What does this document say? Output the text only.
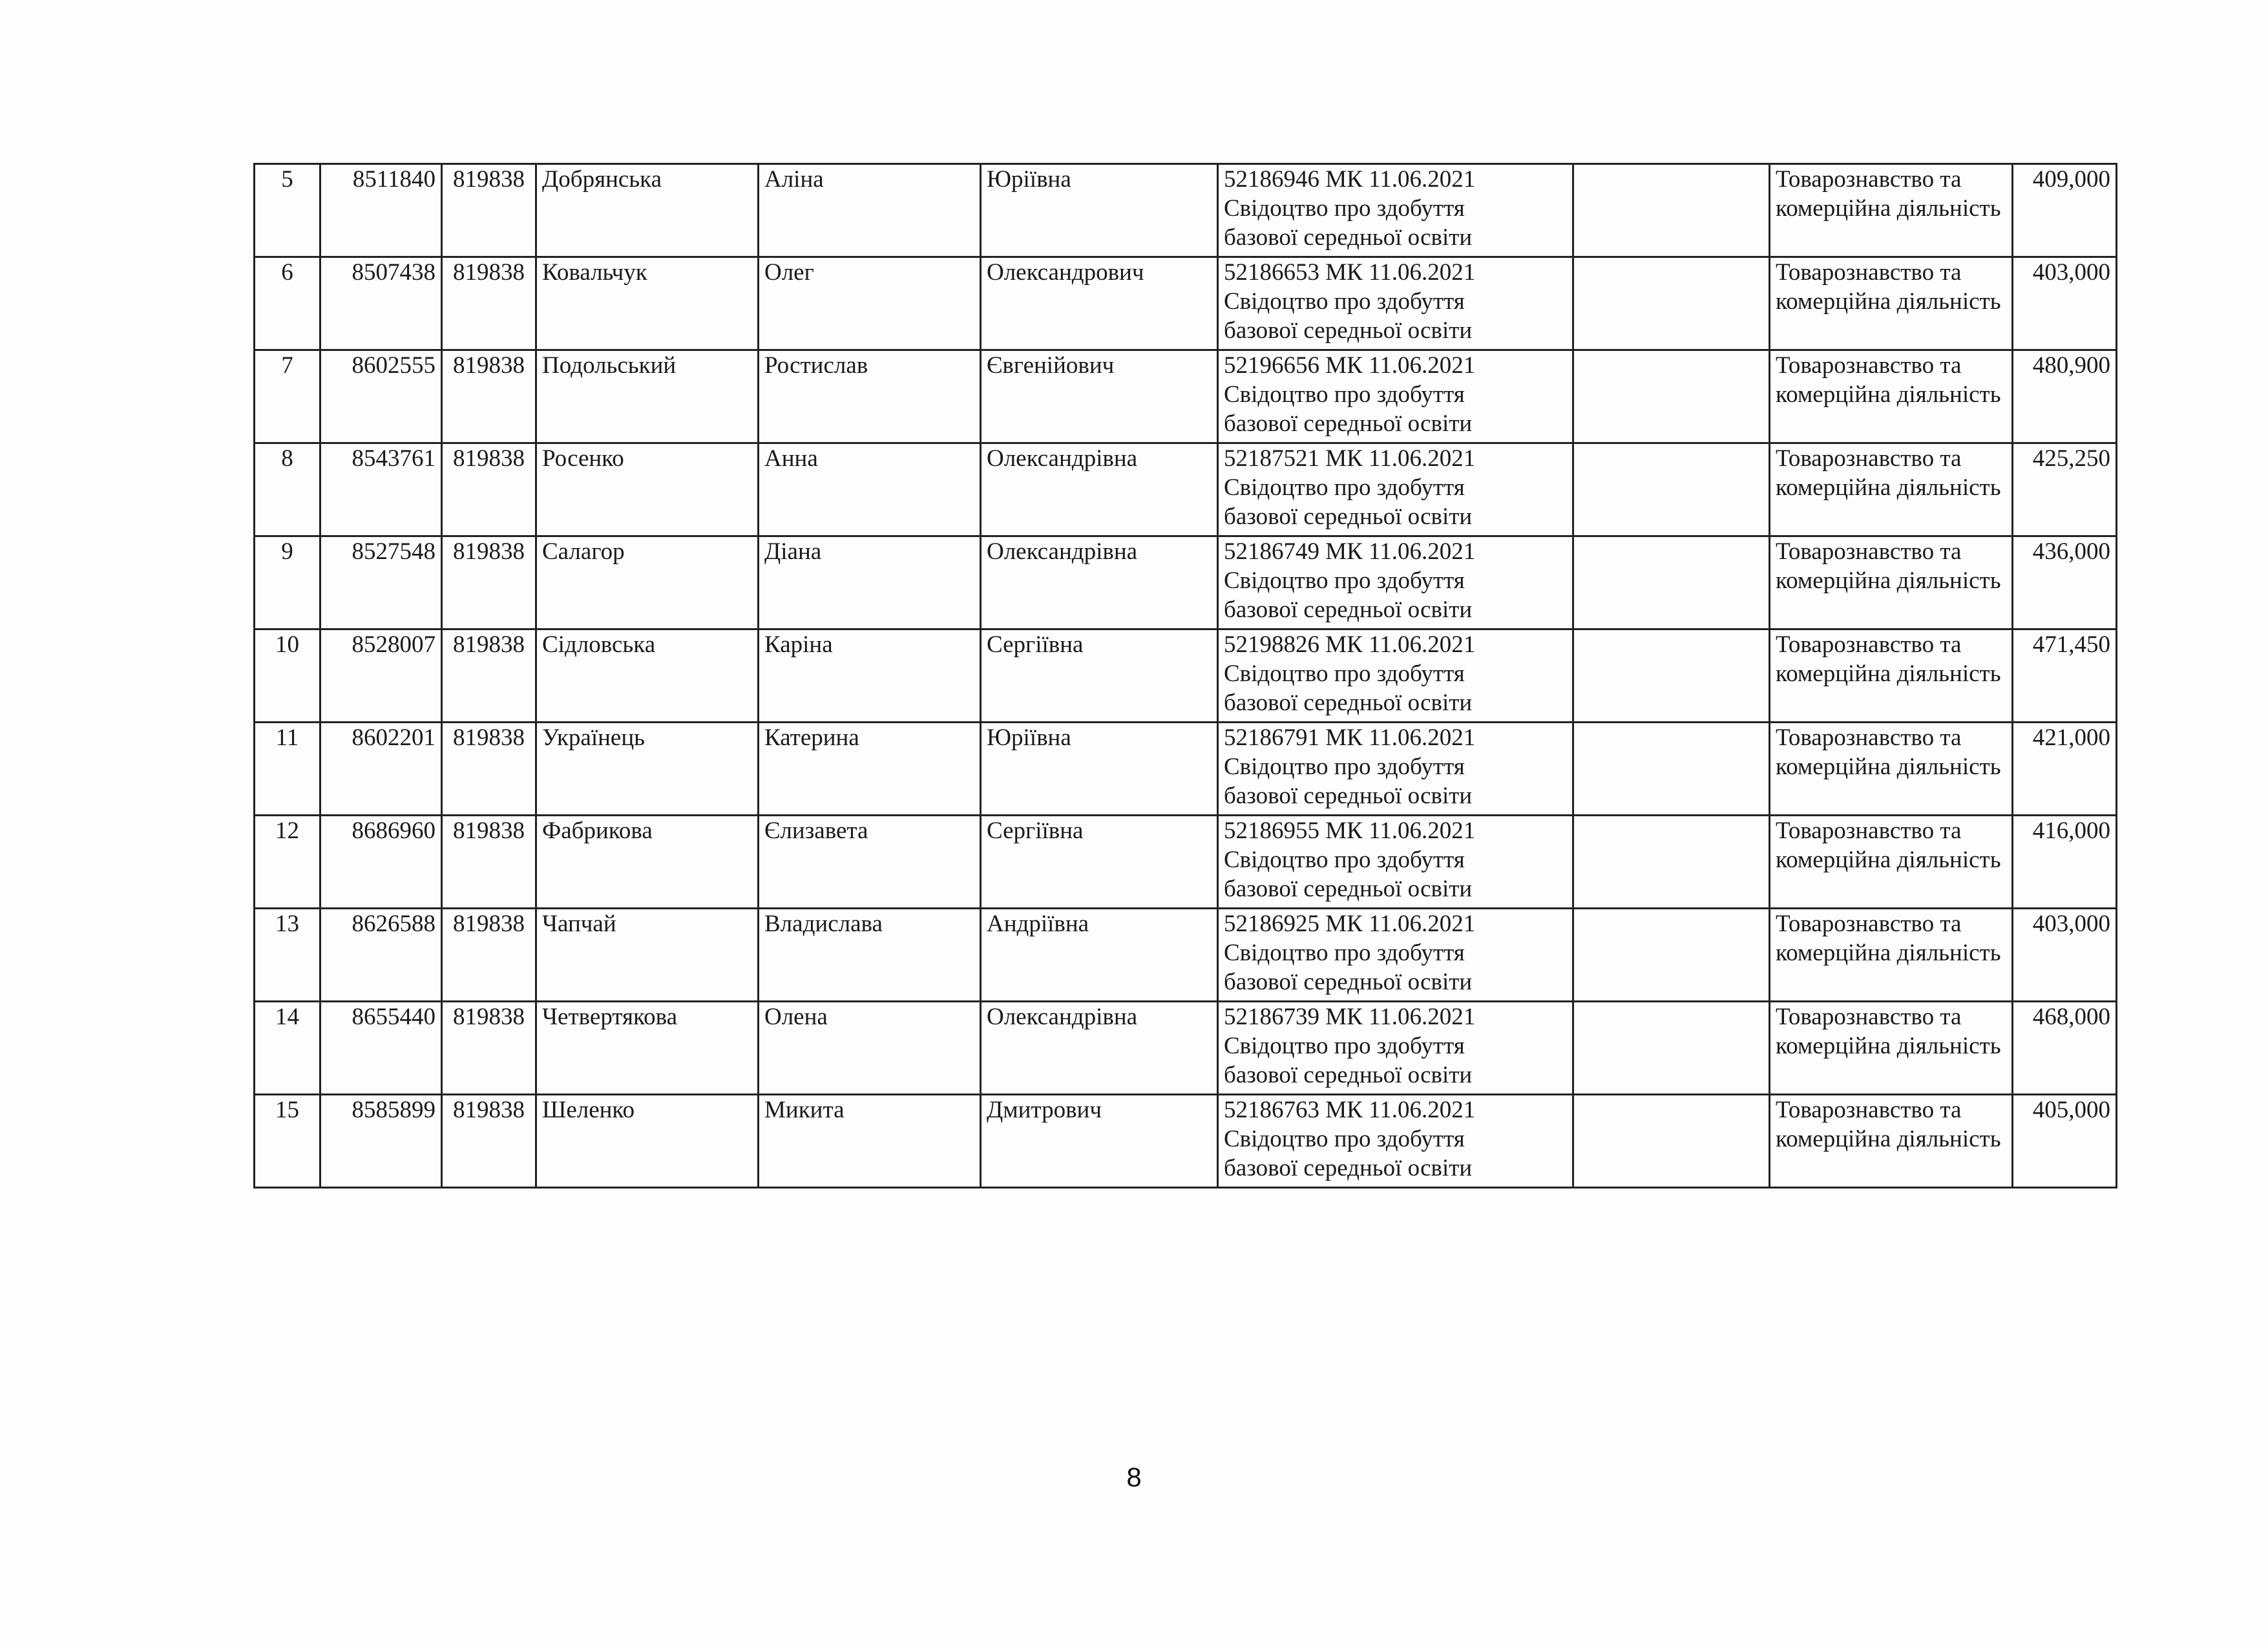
5	8511840	819838	Добрянська	Аліна	Юріївна	52186946 МК 11.06.2021
Свідоцтво про здобуття
базової середньої освіти		Товарознавство та комерційна діяльність	409,000
6	8507438	819838	Ковальчук	Олег	Олександрович	52186653 МК 11.06.2021
Свідоцтво про здобуття
базової середньої освіти		Товарознавство та комерційна діяльність	403,000
7	8602555	819838	Подольський	Ростислав	Євгенійович	52196656 МК 11.06.2021
Свідоцтво про здобуття
базової середньої освіти		Товарознавство та комерційна діяльність	480,900
8	8543761	819838	Росенко	Анна	Олександрівна	52187521 МК 11.06.2021
Свідоцтво про здобуття
базової середньої освіти		Товарознавство та комерційна діяльність	425,250
9	8527548	819838	Салагор	Діана	Олександрівна	52186749 МК 11.06.2021
Свідоцтво про здобуття
базової середньої освіти		Товарознавство та комерційна діяльність	436,000
10	8528007	819838	Сідловська	Каріна	Сергіївна	52198826 МК 11.06.2021
Свідоцтво про здобуття
базової середньої освіти		Товарознавство та комерційна діяльність	471,450
11	8602201	819838	Українець	Катерина	Юріївна	52186791 МК 11.06.2021
Свідоцтво про здобуття
базової середньої освіти		Товарознавство та комерційна діяльність	421,000
12	8686960	819838	Фабрикова	Єлизавета	Сергіївна	52186955 МК 11.06.2021
Свідоцтво про здобуття
базової середньої освіти		Товарознавство та комерційна діяльність	416,000
13	8626588	819838	Чапчай	Владислава	Андріївна	52186925 МК 11.06.2021
Свідоцтво про здобуття
базової середньої освіти		Товарознавство та комерційна діяльність	403,000
14	8655440	819838	Четвертякова	Олена	Олександрівна	52186739 МК 11.06.2021
Свідоцтво про здобуття
базової середньої освіти		Товарознавство та комерційна діяльність	468,000
15	8585899	819838	Шеленко	Микита	Дмитрович	52186763 МК 11.06.2021
Свідоцтво про здобуття
базової середньої освіти		Товарознавство та комерційна діяльність	405,000
8
